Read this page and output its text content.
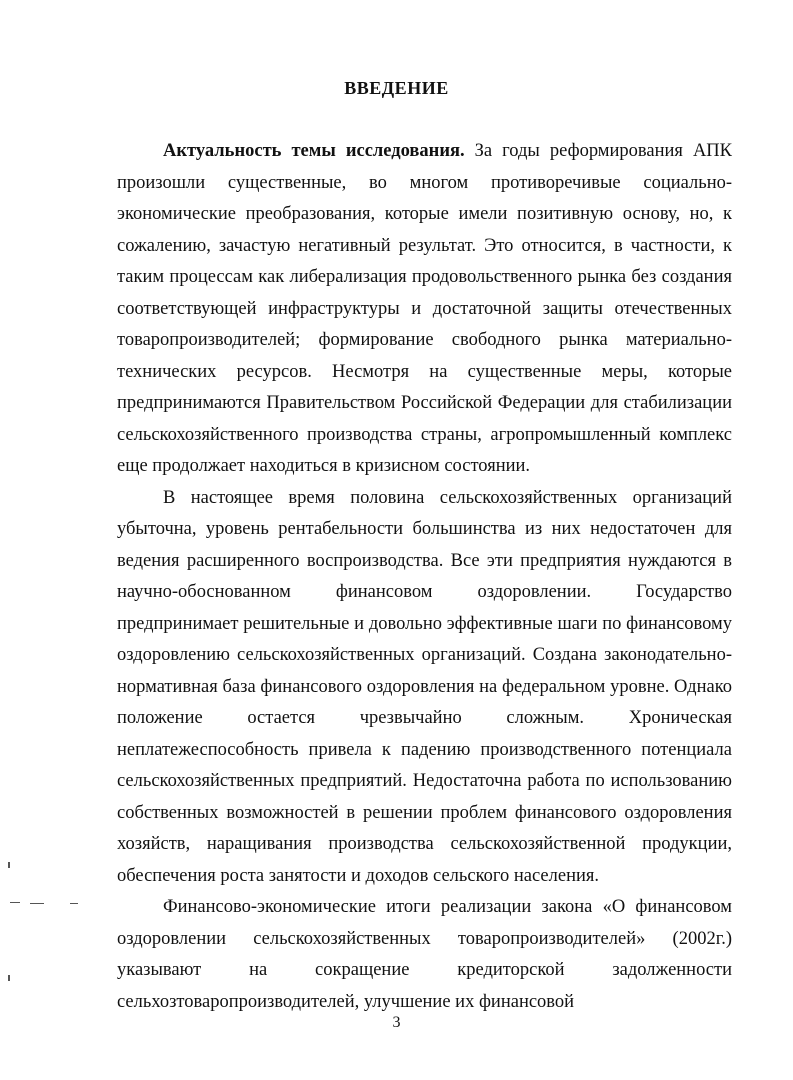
ВВЕДЕНИЕ

Актуальность темы исследования. За годы реформирования АПК произошли существенные, во многом противоречивые социально-экономические преобразования, которые имели позитивную основу, но, к сожалению, зачастую негативный результат. Это относится, в частности, к таким процессам как либерализация продовольственного рынка без создания соответствующей инфраструктуры и достаточной защиты отечественных товаропроизводителей; формирование свободного рынка материально-технических ресурсов. Несмотря на существенные меры, которые предпринимаются Правительством Российской Федерации для стабилизации сельскохозяйственного производства страны, агропромышленный комплекс еще продолжает находиться в кризисном состоянии.

В настоящее время половина сельскохозяйственных организаций убыточна, уровень рентабельности большинства из них недостаточен для ведения расширенного воспроизводства. Все эти предприятия нуждаются в научно-обоснованном финансовом оздоровлении. Государство предпринимает решительные и довольно эффективные шаги по финансовому оздоровлению сельскохозяйственных организаций. Создана законодательно-нормативная база финансового оздоровления на федеральном уровне. Однако положение остается чрезвычайно сложным. Хроническая неплатежеспособность привела к падению производственного потенциала сельскохозяйственных предприятий. Недостаточна работа по использованию собственных возможностей в решении проблем финансового оздоровления хозяйств, наращивания производства сельскохозяйственной продукции, обеспечения роста занятости и доходов сельского населения.

Финансово-экономические итоги реализации закона «О финансовом оздоровлении сельскохозяйственных товаропроизводителей» (2002г.) указывают на сокращение кредиторской задолженности сельхозтоваропроизводителей, улучшение их финансовой

3
